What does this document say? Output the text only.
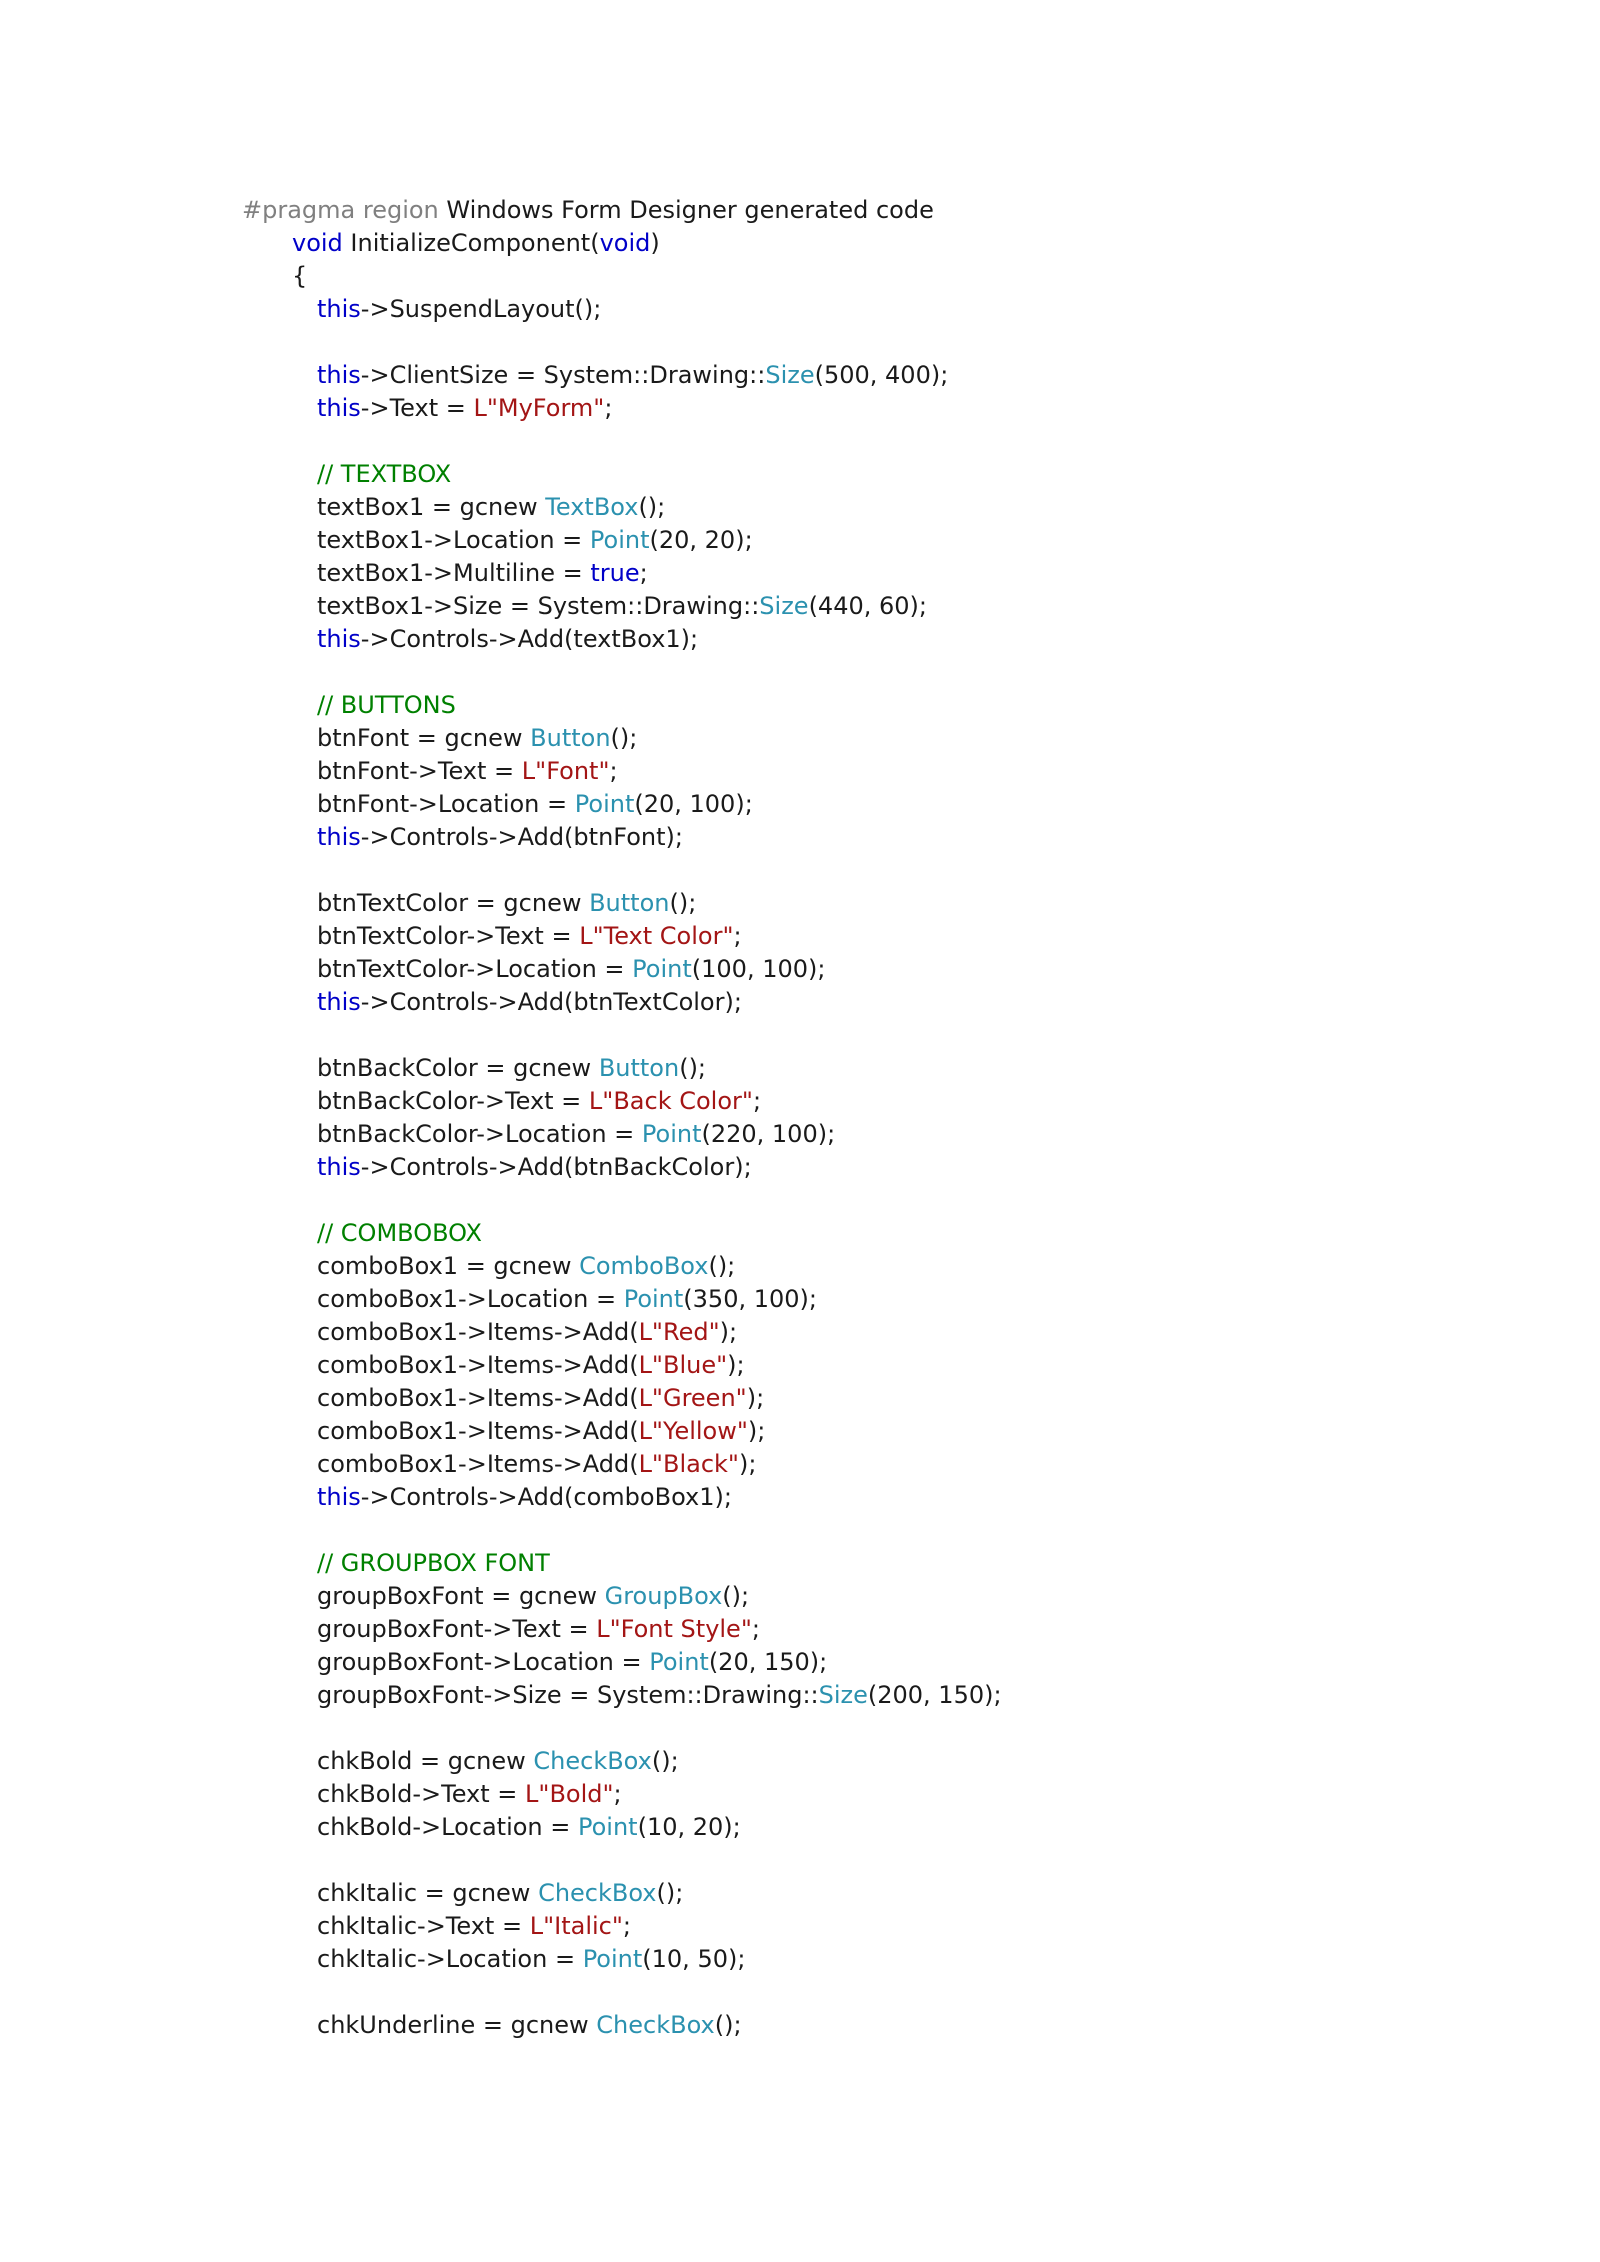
#pragma region Windows Form Designer generated code
void InitializeComponent(void)
{
this->SuspendLayout();
this->ClientSize = System::Drawing::Size(500, 400);
this->Text = L"MyForm";
// TEXTBOX
textBox1 = gcnew TextBox();
textBox1->Location = Point(20, 20);
textBox1->Multiline = true;
textBox1->Size = System::Drawing::Size(440, 60);
this->Controls->Add(textBox1);
// BUTTONS
btnFont = gcnew Button();
btnFont->Text = L"Font";
btnFont->Location = Point(20, 100);
this->Controls->Add(btnFont);
btnTextColor = gcnew Button();
btnTextColor->Text = L"Text Color";
btnTextColor->Location = Point(100, 100);
this->Controls->Add(btnTextColor);
btnBackColor = gcnew Button();
btnBackColor->Text = L"Back Color";
btnBackColor->Location = Point(220, 100);
this->Controls->Add(btnBackColor);
// COMBOBOX
comboBox1 = gcnew ComboBox();
comboBox1->Location = Point(350, 100);
comboBox1->Items->Add(L"Red");
comboBox1->Items->Add(L"Blue");
comboBox1->Items->Add(L"Green");
comboBox1->Items->Add(L"Yellow");
comboBox1->Items->Add(L"Black");
this->Controls->Add(comboBox1);
// GROUPBOX FONT
groupBoxFont = gcnew GroupBox();
groupBoxFont->Text = L"Font Style";
groupBoxFont->Location = Point(20, 150);
groupBoxFont->Size = System::Drawing::Size(200, 150);
chkBold = gcnew CheckBox();
chkBold->Text = L"Bold";
chkBold->Location = Point(10, 20);
chkItalic = gcnew CheckBox();
chkItalic->Text = L"Italic";
chkItalic->Location = Point(10, 50);
chkUnderline = gcnew CheckBox();
